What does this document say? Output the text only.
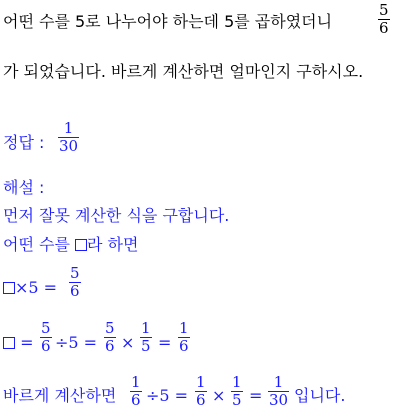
어떤 수를 5로 나누어야 하는데 5를 곱하였더니
5
6
가 되었습니다. 바르게 계산하면 얼마인지 구하시오.
정답 :
1
30
해설 :
먼저 잘못 계산한 식을 구합니다.
어떤 수를 라 하면
×5 =
5
6
=
5
6 ÷5 =
5
6 ×
1
5 =
1
6
바르게 계산하면
1
6 ÷5 =
1
6 ×
1
5 =
1
30 입니다.
